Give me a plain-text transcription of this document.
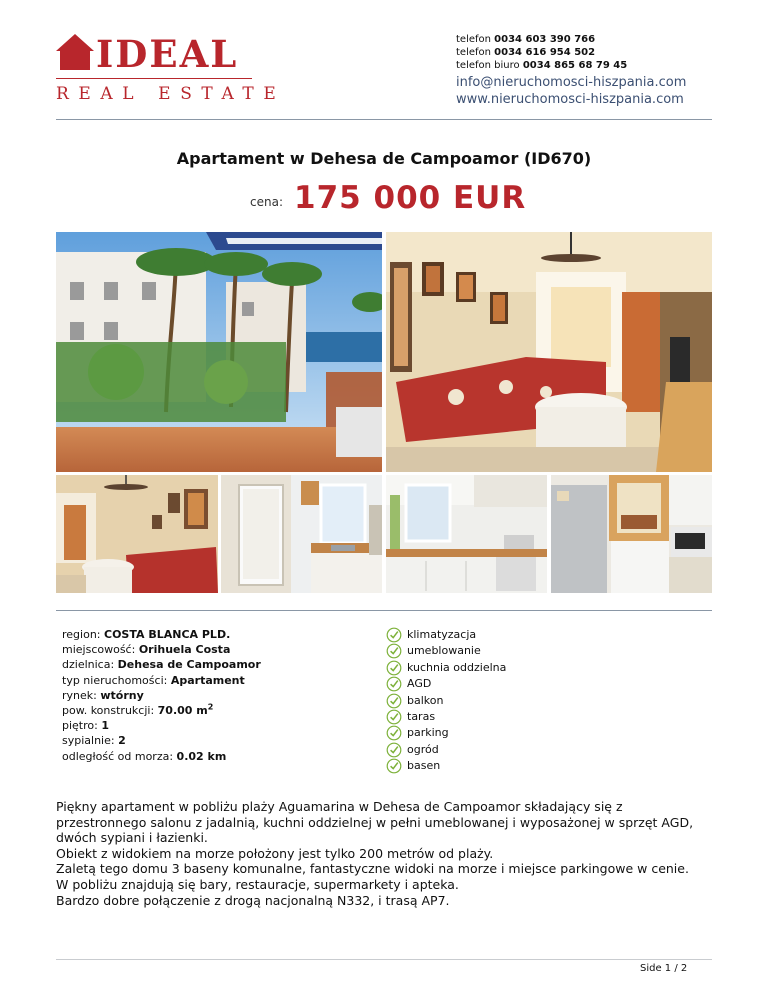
IDEAL
REAL ESTATE
telefon 0034 603 390 766
telefon 0034 616 954 502
telefon biuro 0034 865 68 79 45
info@nieruchomosci-hiszpania.com
www.nieruchomosci-hiszpania.com
Apartament w Dehesa de Campoamor (ID670)
cena: 175 000 EUR
region: COSTA BLANCA PLD.
miejscowość: Orihuela Costa
dzielnica: Dehesa de Campoamor
typ nieruchomości: Apartament
rynek: wtórny
pow. konstrukcji: 70.00 $m^2$
piętro: 1
sypialnie: 2
odległość od morza: 0.02 km
klimatyzacja
umeblowanie
kuchnia oddzielna
AGD
balkon
taras
parking
ogród
basen

Piękny apartament w pobliżu plaży Aguamarina w Dehesa de Campoamor składający się z przestronnego salonu z jadalnią, kuchni oddzielnej w pełni umeblowanej i wyposażonej w sprzęt AGD, dwóch sypiani i łazienki.

Obiekt z widokiem na morze położony jest tylko 200 metrów od plaży.

Zaletą tego domu 3 baseny komunalne, fantastyczne widoki na morze i miejsce parkingowe w cenie.

W pobliżu znajdują się bary, restauracje, supermarkety i apteka.

Bardzo dobre połączenie z drogą nacjonalną N332, i trasą AP7.

Side 1 / 2
